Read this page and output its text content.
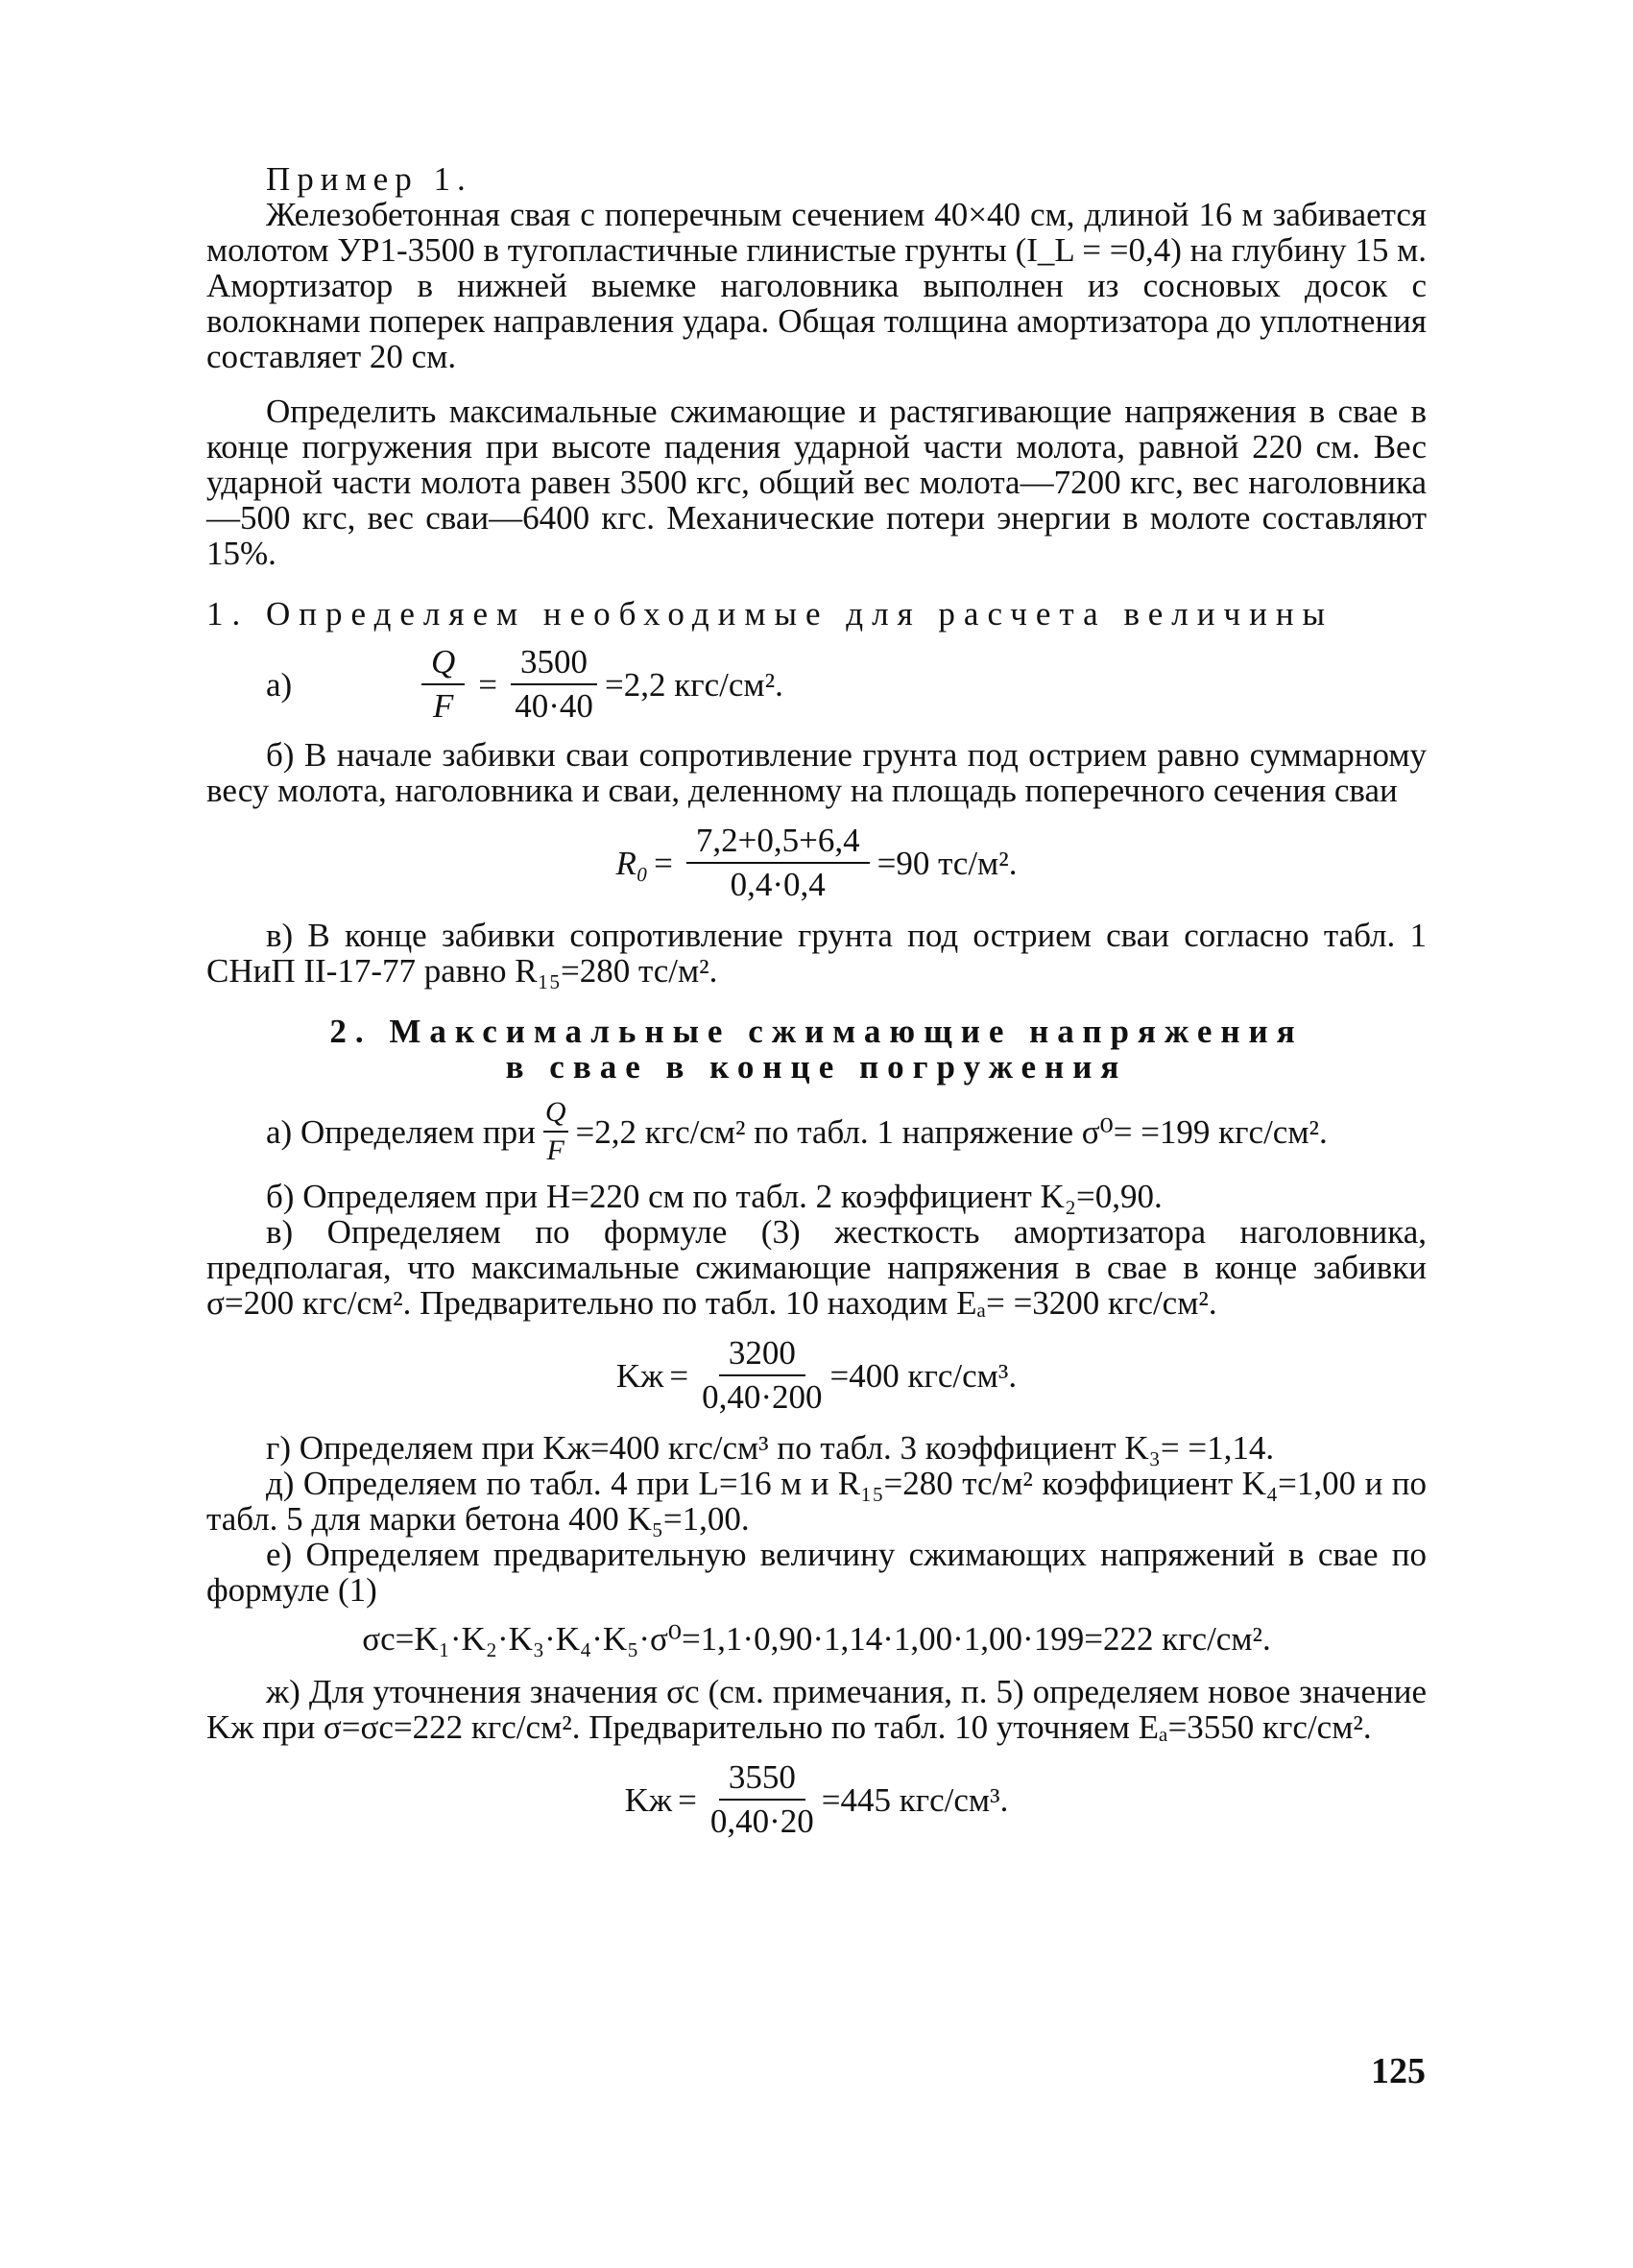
Пример 1.

Железобетонная свая с поперечным сечением 40×40 см, длиной 16 м забивается молотом УР1-3500 в тугопластичные глинистые грунты (I_L = =0,4) на глубину 15 м. Амортизатор в нижней выемке наголовника выполнен из сосновых досок с волокнами поперек направления удара. Общая толщина амортизатора до уплотнения составляет 20 см.

Определить максимальные сжимающие и растягивающие напряжения в свае в конце погружения при высоте падения ударной части молота, равной 220 см. Вес ударной части молота равен 3500 кгс, общий вес молота—7200 кгс, вес наголовника—500 кгс, вес сваи—6400 кгс. Механические потери энергии в молоте составляют 15%.

1. Определяем необходимые для расчета величины

а)	$\frac{Q}{F} = \frac{3500}{40\cdot 40} =2,2$ кгс/см².

б) В начале забивки сваи сопротивление грунта под острием равно суммарному весу молота, наголовника и сваи, деленному на площадь поперечного сечения сваи

$R_0 = \frac{7,2+0,5+6,4}{0,4\cdot 0,4} =90$ тс/м².

в) В конце забивки сопротивление грунта под острием сваи согласно табл. 1 СНиП II-17-77 равно R₁₅=280 тс/м².

2. Максимальные сжимающие напряжения

в свае в конце погружения

а) Определяем при $\frac{Q}{F} =2,2$ кгс/см² по табл. 1 напряжение σ⁰= =199 кгс/см².

б) Определяем при H=220 см по табл. 2 коэффициент K₂=0,90.

в) Определяем по формуле (3) жесткость амортизатора наголовника, предполагая, что максимальные сжимающие напряжения в свае в конце забивки σ=200 кгс/см². Предварительно по табл. 10 находим Eₐ= =3200 кгс/см².

Kж = $\frac{3200}{0,40\cdot 200} =400$ кгс/см³.

г) Определяем при Kж=400 кгс/см³ по табл. 3 коэффициент K₃= =1,14.

д) Определяем по табл. 4 при L=16 м и R₁₅=280 тс/м² коэффициент K₄=1,00 и по табл. 5 для марки бетона 400 K₅=1,00.

е) Определяем предварительную величину сжимающих напряжений в свае по формуле (1)

σc=K₁·K₂·K₃·K₄·K₅·σ⁰=1,1·0,90·1,14·1,00·1,00·199=222 кгс/см².

ж) Для уточнения значения σc (см. примечания, п. 5) определяем новое значение Kж при σ=σc=222 кгс/см². Предварительно по табл. 10 уточняем Eₐ=3550 кгс/см².

Kж = $\frac{3550}{0,40\cdot 20} =445$ кгс/см³.
125
